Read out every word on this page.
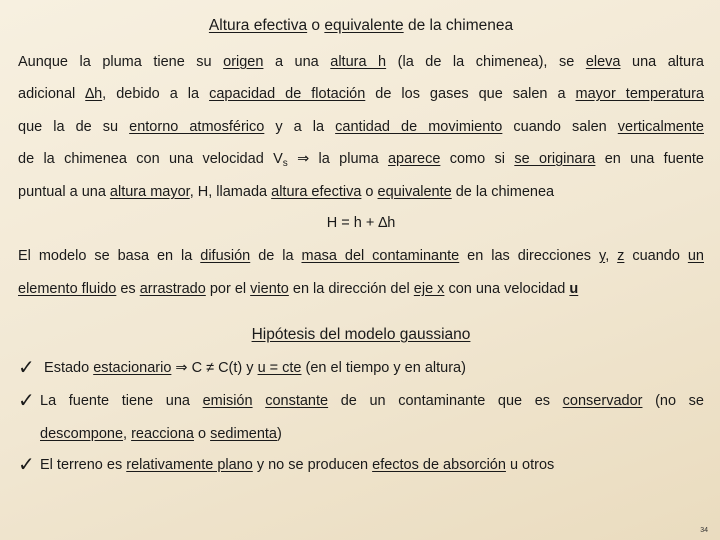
Altura efectiva o equivalente de la chimenea
Aunque la pluma tiene su origen a una altura h (la de la chimenea), se eleva una altura
adicional ∆h, debido a la capacidad de flotación de los gases que salen a mayor temperatura
que la de su entorno atmosférico y a la cantidad de movimiento cuando salen verticalmente
de la chimenea con una velocidad $V_s$ ⇒ la pluma aparece como si se originara en una fuente
puntual a una altura mayor, H, llamada altura efectiva o equivalente de la chimenea
H = h + ∆h
El modelo se basa en la difusión de la masa del contaminante en las direcciones y, z cuando un
elemento fluido es arrastrado por el viento en la dirección del eje x con una velocidad u
Hipótesis del modelo gaussiano
✓ Estado estacionario ⇒ C ≠ C(t) y u = cte (en el tiempo y en altura)
✓ La fuente tiene una emisión constante de un contaminante que es conservador (no se
descompone, reacciona o sedimenta)
✓ El terreno es relativamente plano y no se producen efectos de absorción u otros
34
